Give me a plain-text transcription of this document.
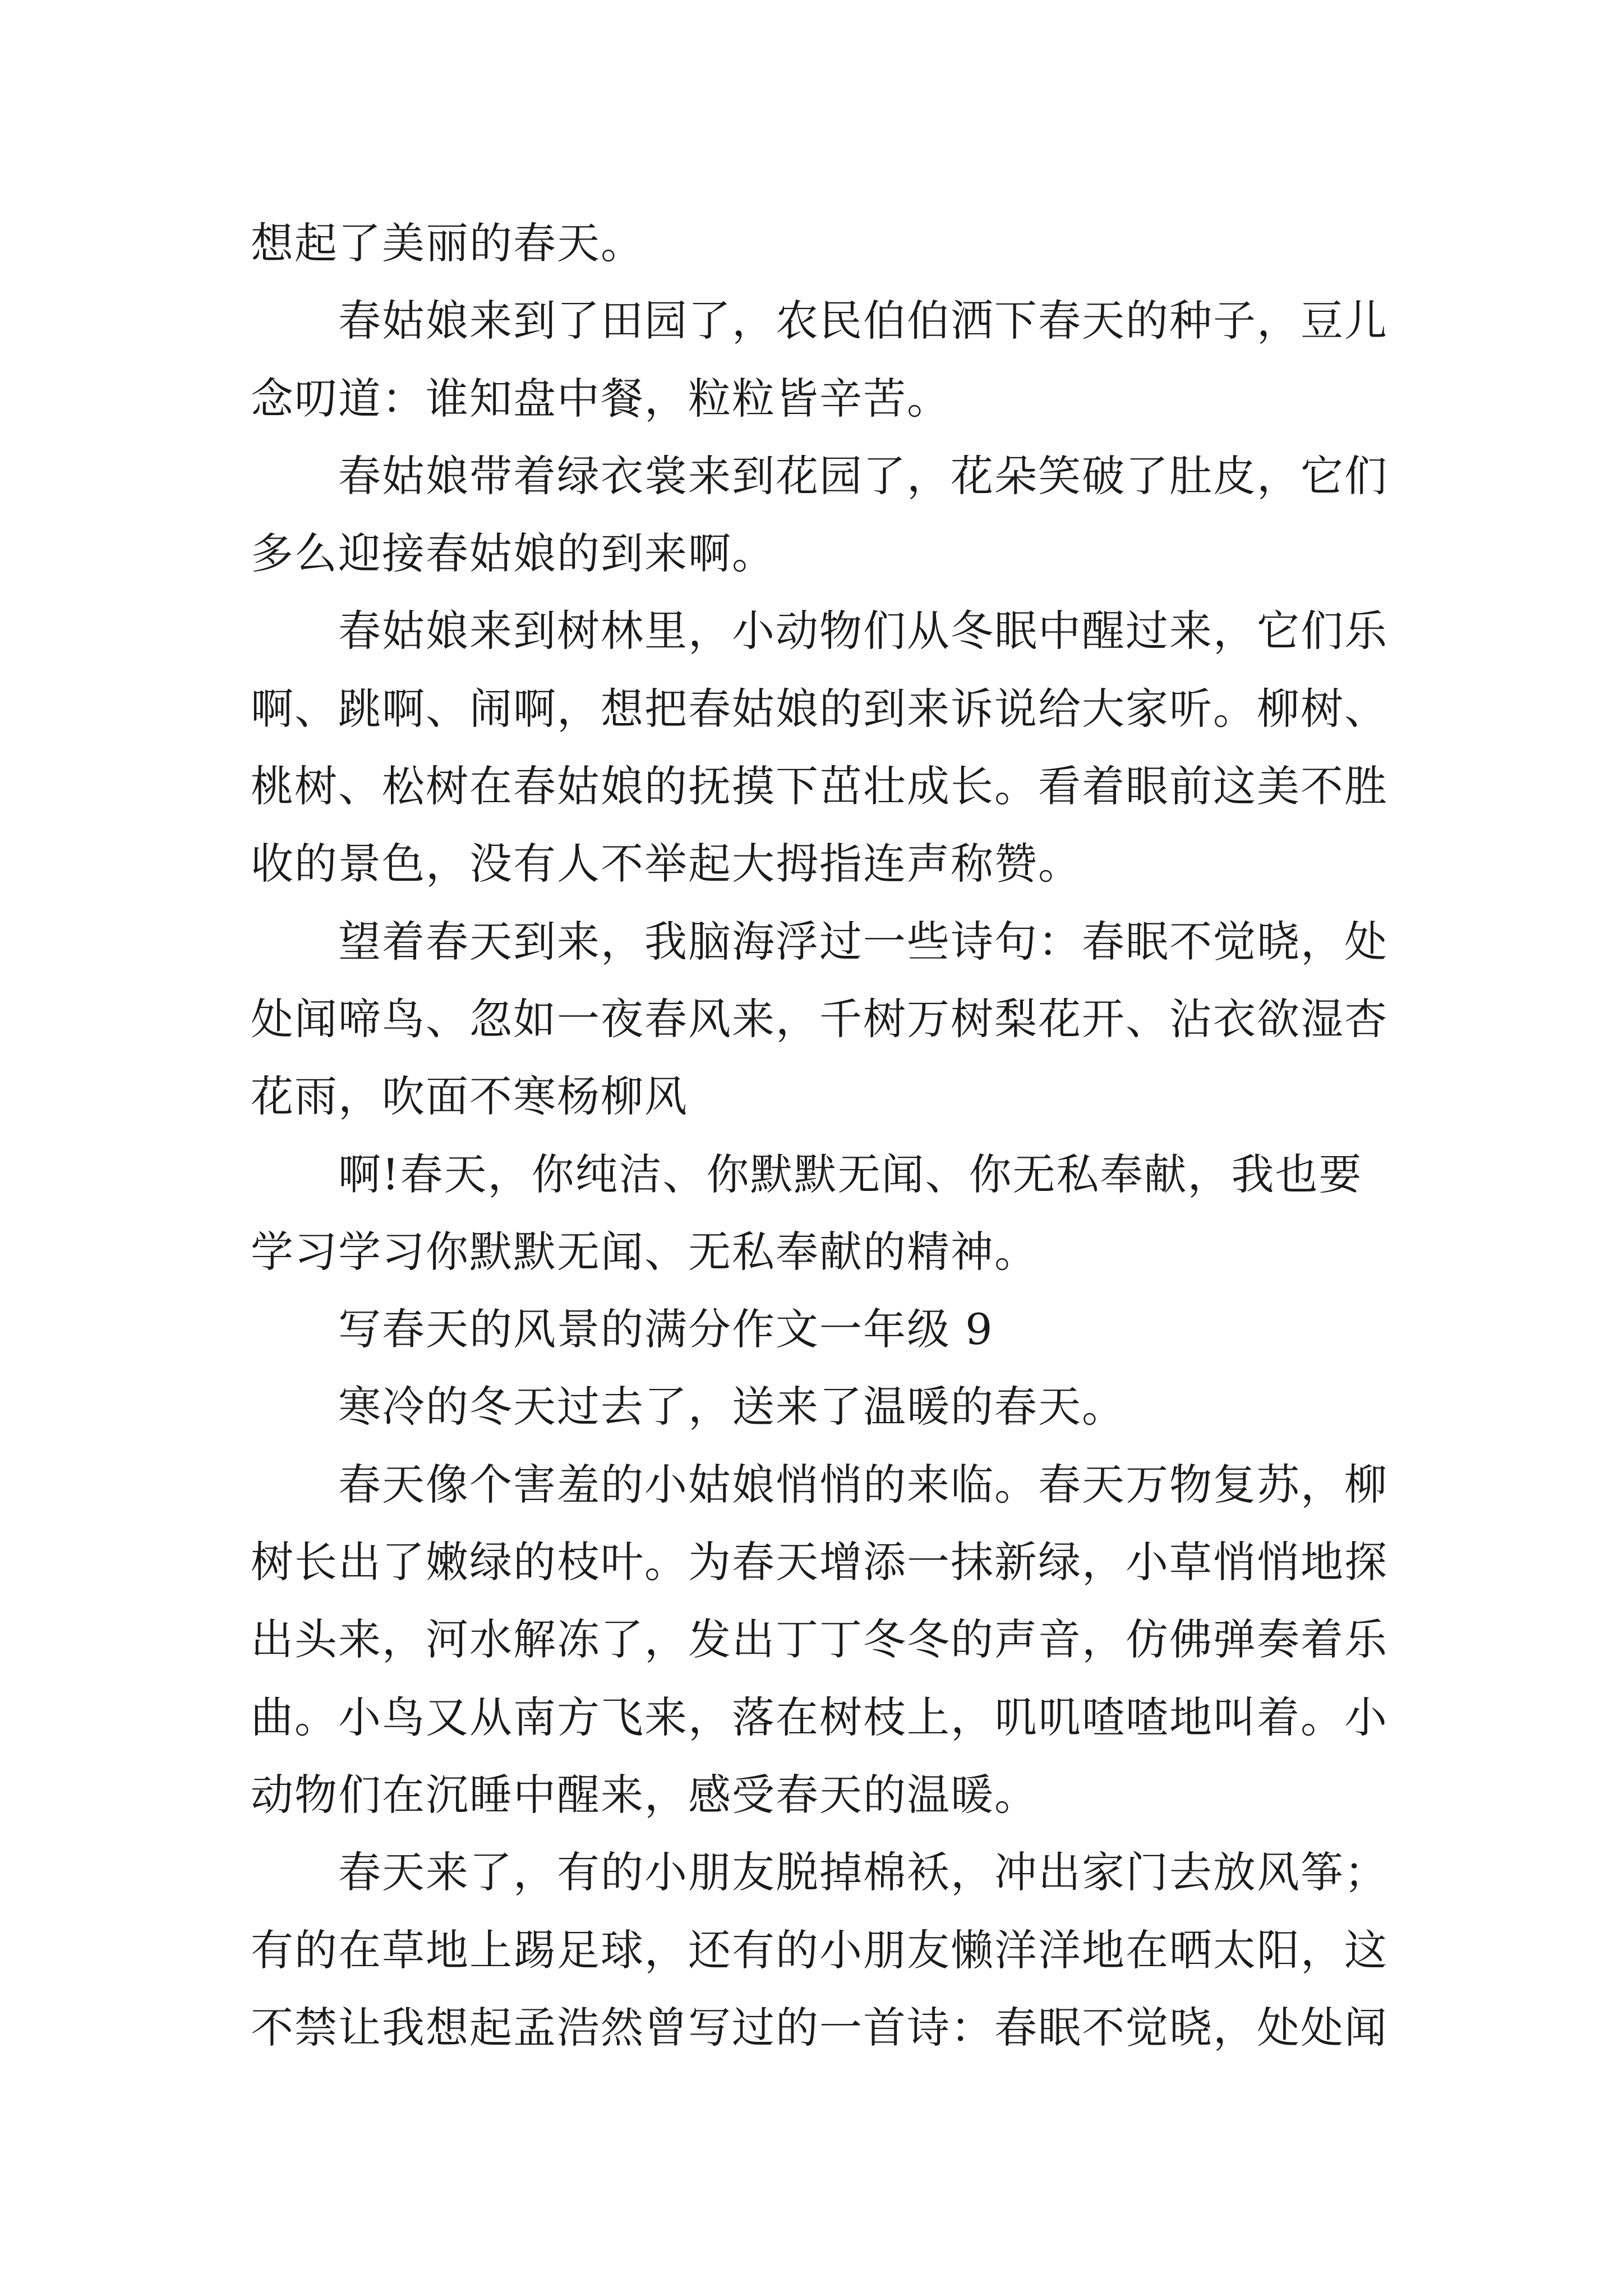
想起了美丽的春天。
春姑娘来到了田园了，农民伯伯洒下春天的种子，豆儿
念叨道：谁知盘中餐，粒粒皆辛苦。
春姑娘带着绿衣裳来到花园了，花朵笑破了肚皮，它们
多么迎接春姑娘的到来啊。
春姑娘来到树林里，小动物们从冬眠中醒过来，它们乐
啊、跳啊、闹啊，想把春姑娘的到来诉说给大家听。柳树、
桃树、松树在春姑娘的抚摸下茁壮成长。看着眼前这美不胜
收的景色，没有人不举起大拇指连声称赞。
望着春天到来，我脑海浮过一些诗句：春眠不觉晓，处
处闻啼鸟、忽如一夜春风来，千树万树梨花开、沾衣欲湿杏
花雨，吹面不寒杨柳风
啊!春天，你纯洁、你默默无闻、你无私奉献，我也要
学习学习你默默无闻、无私奉献的精神。
写春天的风景的满分作文一年级 9
寒冷的冬天过去了，送来了温暖的春天。
春天像个害羞的小姑娘悄悄的来临。春天万物复苏，柳
树长出了嫩绿的枝叶。为春天增添一抹新绿，小草悄悄地探
出头来，河水解冻了，发出丁丁冬冬的声音，仿佛弹奏着乐
曲。小鸟又从南方飞来，落在树枝上，叽叽喳喳地叫着。小
动物们在沉睡中醒来，感受春天的温暖。
春天来了，有的小朋友脱掉棉袄，冲出家门去放风筝；
有的在草地上踢足球，还有的小朋友懒洋洋地在晒太阳，这
不禁让我想起孟浩然曾写过的一首诗：春眠不觉晓，处处闻
